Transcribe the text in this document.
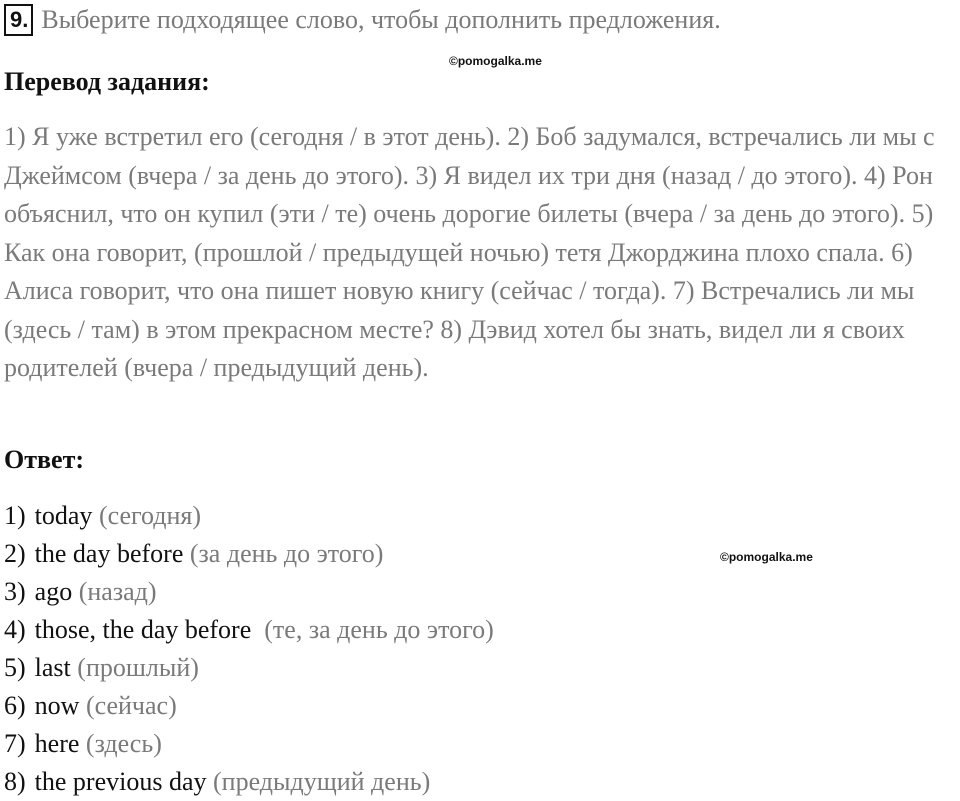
9. Выберите подходящее слово, чтобы дополнить предложения.
©pomogalka.me
Перевод задания:

1) Я уже встретил его (сегодня / в этот день). 2) Боб задумался, встречались ли мы с Джеймсом (вчера / за день до этого). 3) Я видел их три дня (назад / до этого). 4) Рон объяснил, что он купил (эти / те) очень дорогие билеты (вчера / за день до этого). 5) Как она говорит, (прошлой / предыдущей ночью) тетя Джорджина плохо спала. 6) Алиса говорит, что она пишет новую книгу (сейчас / тогда). 7) Встречались ли мы (здесь / там) в этом прекрасном месте? 8) Дэвид хотел бы знать, видел ли я своих родителей (вчера / предыдущий день).

Ответ:
1) today (сегодня)
2) the day before (за день до этого)
3) ago (назад)
4) those, the day before (те, за день до этого)
5) last (прошлый)
6) now (сейчас)
7) here (здесь)
8) the previous day (предыдущий день)
©pomogalka.me
